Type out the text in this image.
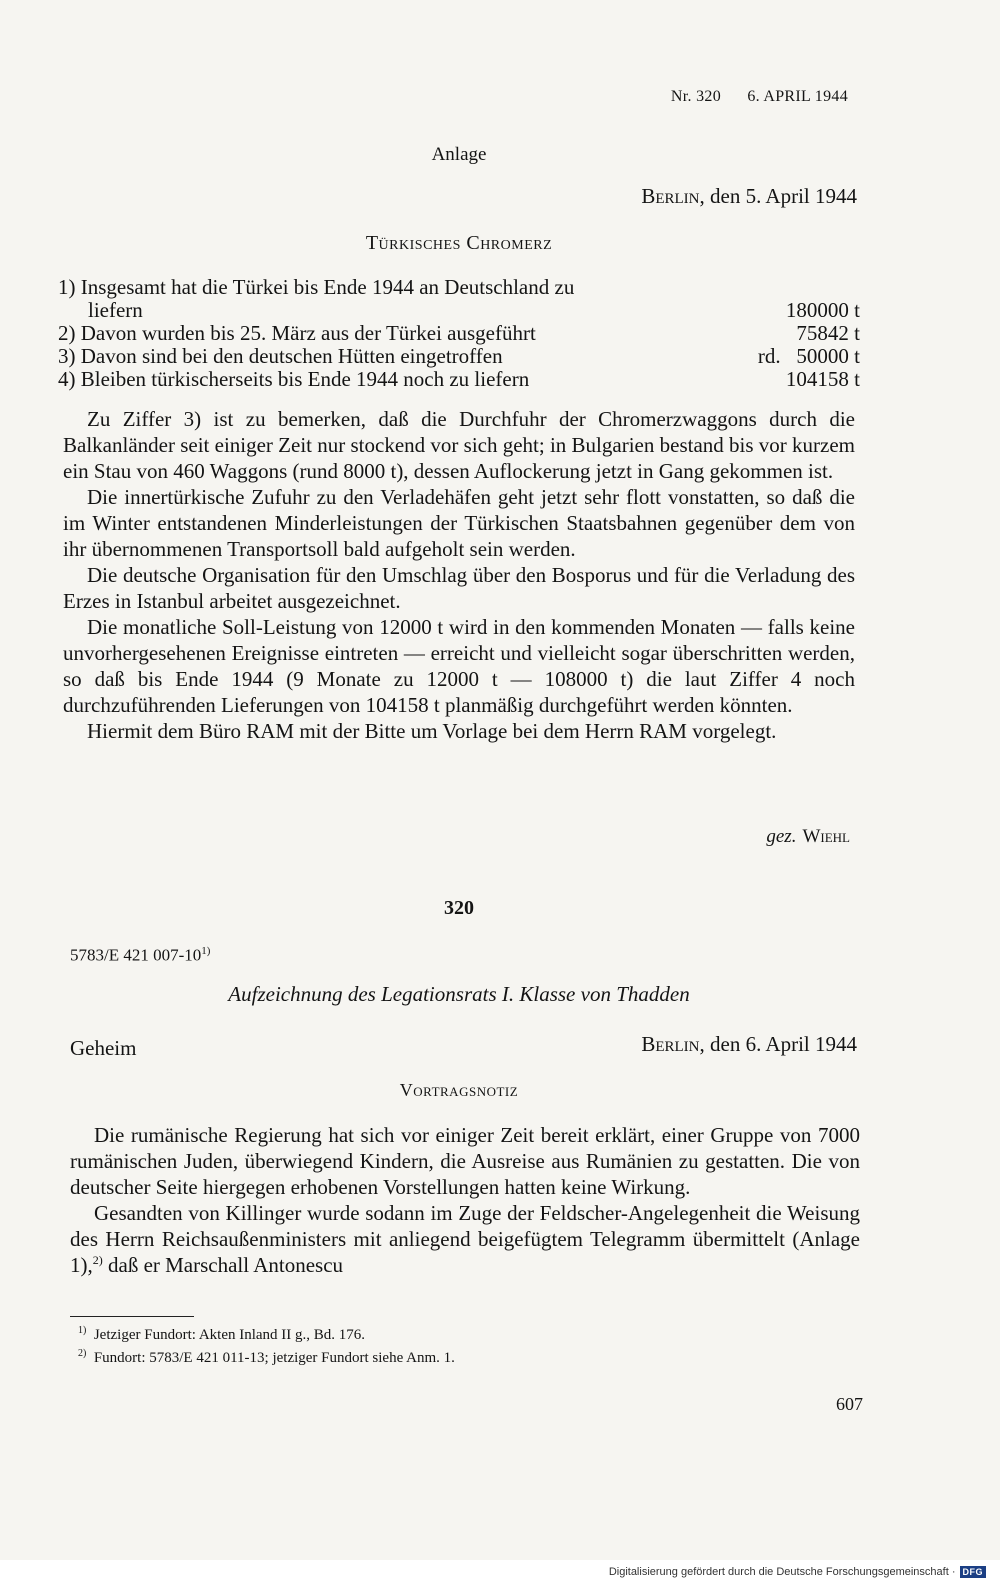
Nr. 320 6. APRIL 1944
Anlage
Berlin, den 5. April 1944
Türkisches Chromerz
1) Insgesamt hat die Türkei bis Ende 1944 an Deutschland zu
liefern	180000 t
2) Davon wurden bis 25. März aus der Türkei ausgeführt	75842 t
3) Davon sind bei den deutschen Hütten eingetroffen	rd.   50000 t
4) Bleiben türkischerseits bis Ende 1944 noch zu liefern	104158 t

Zu Ziffer 3) ist zu bemerken, daß die Durchfuhr der Chromerzwaggons durch die Balkanländer seit einiger Zeit nur stockend vor sich geht; in Bulgarien bestand bis vor kurzem ein Stau von 460 Waggons (rund 8000 t), dessen Auflockerung jetzt in Gang gekommen ist.

Die innertürkische Zufuhr zu den Verladehäfen geht jetzt sehr flott vonstatten, so daß die im Winter entstandenen Minderleistungen der Türkischen Staatsbahnen gegenüber dem von ihr übernommenen Transportsoll bald aufgeholt sein werden.

Die deutsche Organisation für den Umschlag über den Bosporus und für die Verladung des Erzes in Istanbul arbeitet ausgezeichnet.

Die monatliche Soll-Leistung von 12000 t wird in den kommenden Monaten — falls keine unvorhergesehenen Ereignisse eintreten — erreicht und vielleicht sogar überschritten werden, so daß bis Ende 1944 (9 Monate zu 12000 t — 108000 t) die laut Ziffer 4 noch durchzuführenden Lieferungen von 104158 t planmäßig durchgeführt werden könnten.

Hiermit dem Büro RAM mit der Bitte um Vorlage bei dem Herrn RAM vorgelegt.

gez. Wiehl
320
5783/E 421 007-10$^{1)}$
Aufzeichnung des Legationsrats I. Klasse von Thadden
Geheim	Berlin, den 6. April 1944
Vortragsnotiz

Die rumänische Regierung hat sich vor einiger Zeit bereit erklärt, einer Gruppe von 7000 rumänischen Juden, überwiegend Kindern, die Ausreise aus Rumänien zu gestatten. Die von deutscher Seite hiergegen erhobenen Vorstellungen hatten keine Wirkung.

Gesandten von Killinger wurde sodann im Zuge der Feldscher-Angelegenheit die Weisung des Herrn Reichsaußenministers mit anliegend beigefügtem Telegramm übermittelt (Anlage 1),$^{2)}$ daß er Marschall Antonescu

$^{1)}$ Jetziger Fundort: Akten Inland II g., Bd. 176.
$^{2)}$ Fundort: 5783/E 421 011-13; jetziger Fundort siehe Anm. 1.
607
Digitalisierung gefördert durch die Deutsche Forschungsgemeinschaft · DFG
